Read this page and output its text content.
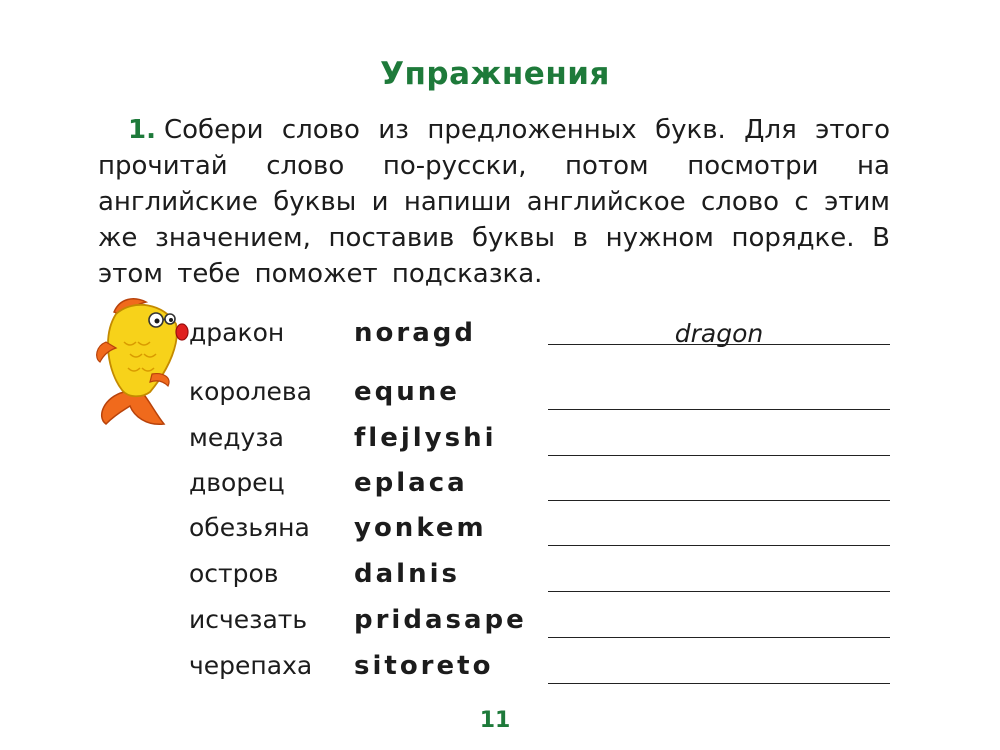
Упражнения
1. Собери слово из предложенных букв. Для этого прочитай слово по-русски, потом посмотри на английские буквы и напиши английское слово с этим же значением, поставив буквы в нужном порядке. В этом тебе поможет подсказка.
дракон	noragd	dragon
королева equne
медуза	flejlyshi
дворец	eplaca
обезьяна yonkem
остров	dalnis
исчезать pridasape
черепаха sitoreto
11
